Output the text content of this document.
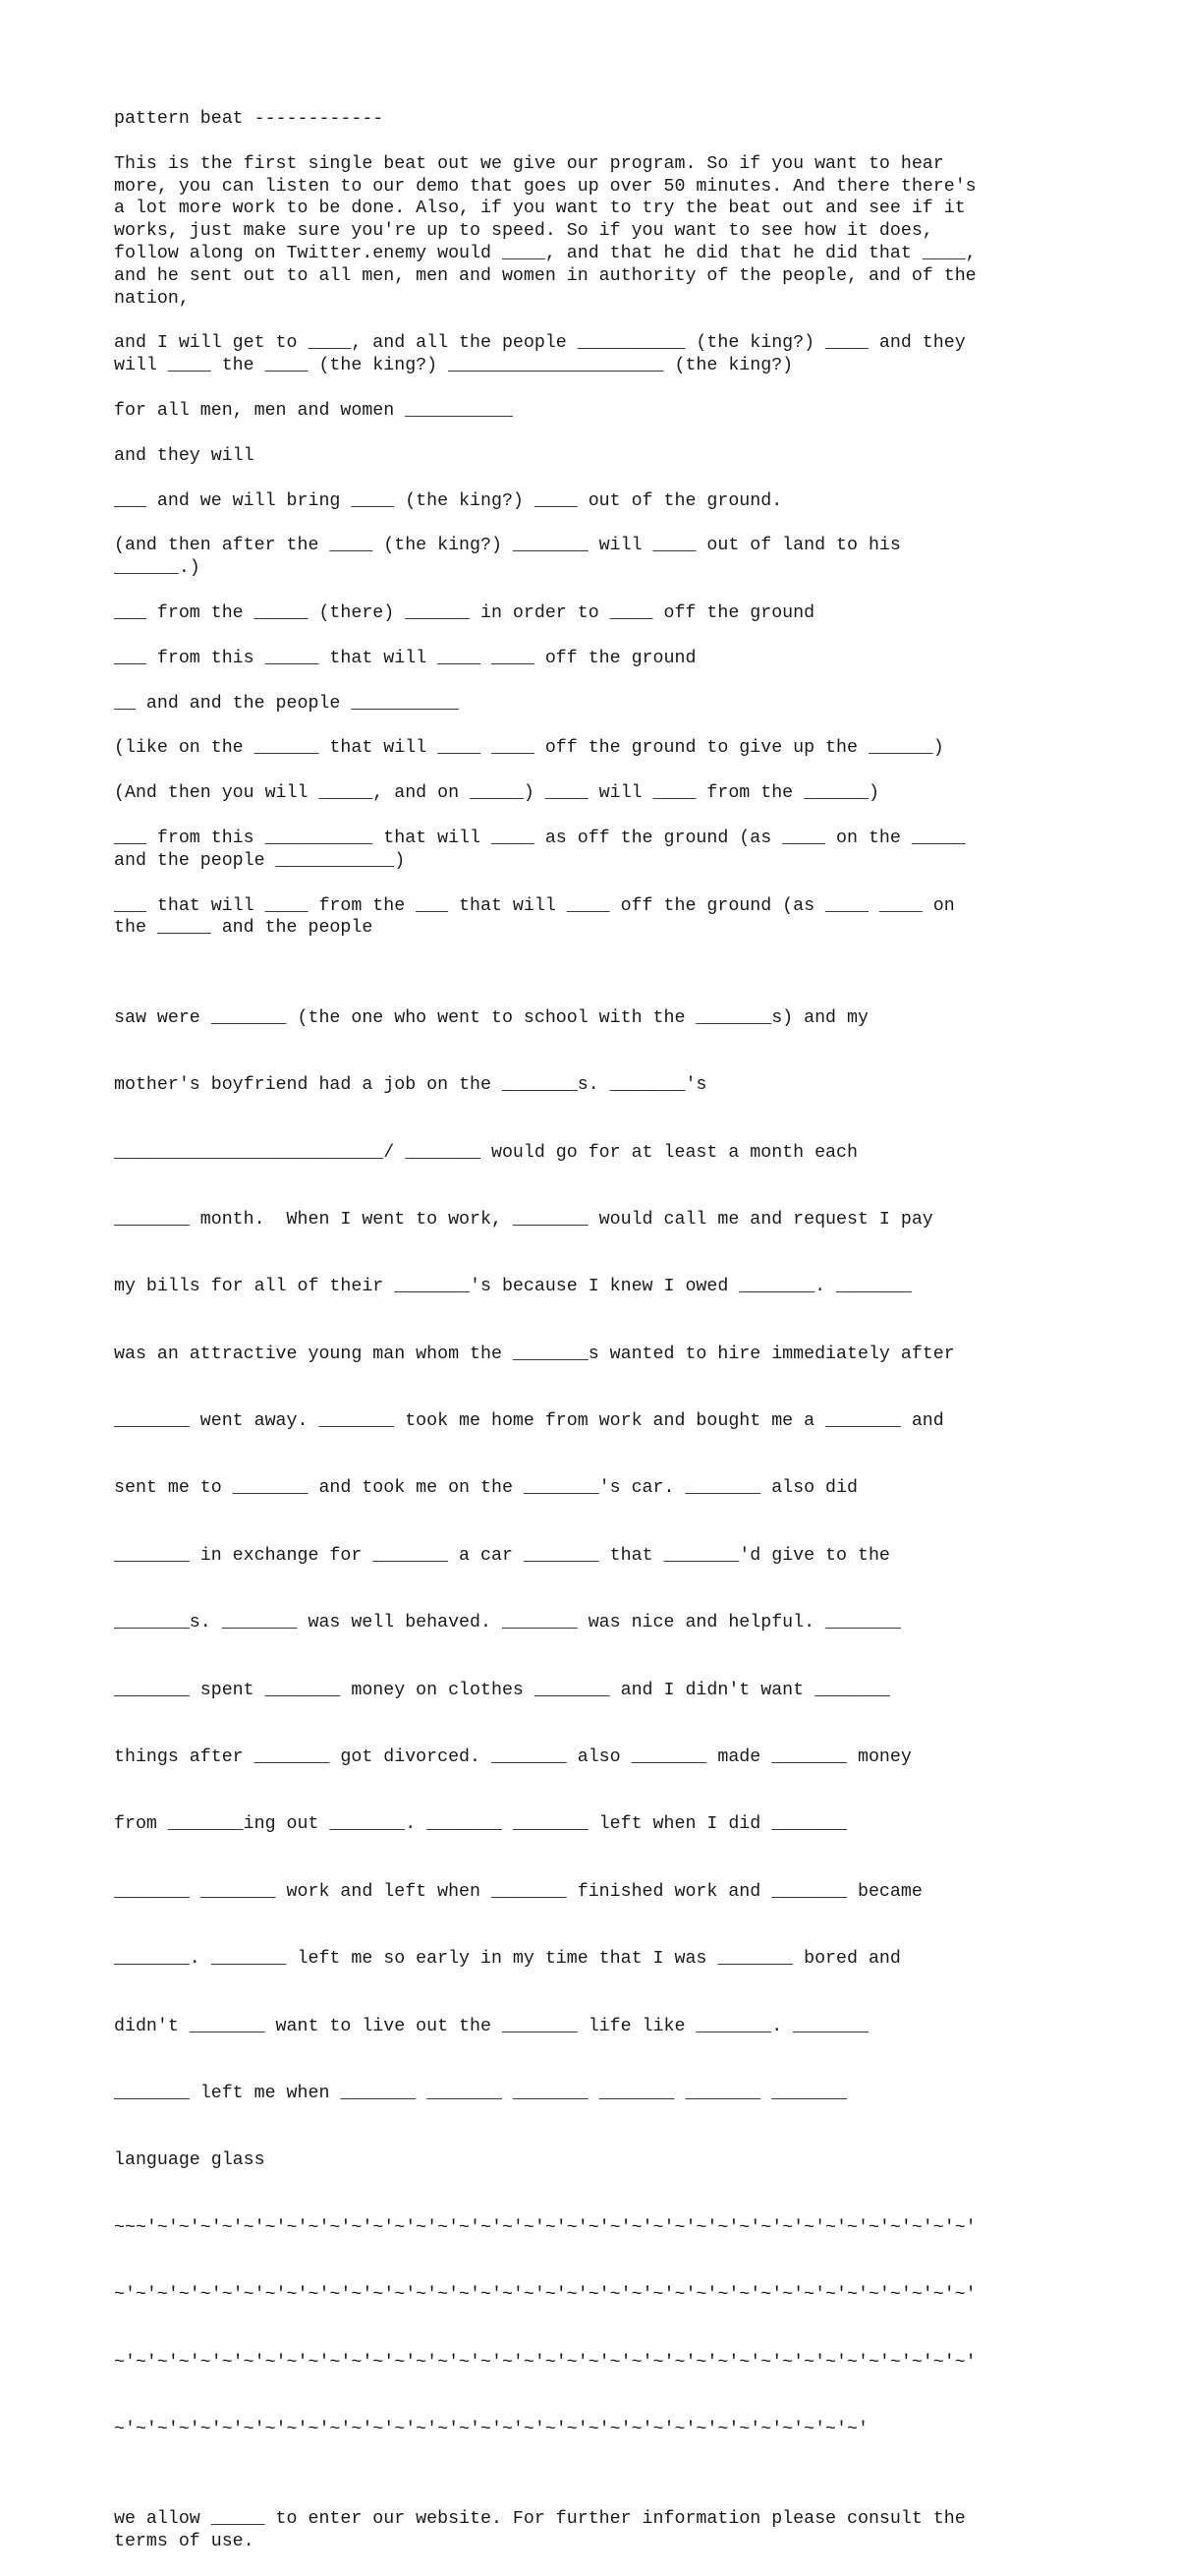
pattern beat ------------
This is the first single beat out we give our program. So if you want to hear
more, you can listen to our demo that goes up over 50 minutes. And there there's
a lot more work to be done. Also, if you want to try the beat out and see if it
works, just make sure you're up to speed. So if you want to see how it does,
follow along on Twitter.enemy would ____, and that he did that he did that ____,
and he sent out to all men, men and women in authority of the people, and of the
nation,
and I will get to ____, and all the people __________ (the king?) ____ and they
will ____ the ____ (the king?) ____________________ (the king?)
for all men, men and women __________
and they will
___ and we will bring ____ (the king?) ____ out of the ground.
(and then after the ____ (the king?) _______ will ____ out of land to his
______.)
___ from the _____ (there) ______ in order to ____ off the ground
___ from this _____ that will ____ ____ off the ground
__ and and the people __________
(like on the ______ that will ____ ____ off the ground to give up the ______)
(And then you will _____, and on _____) ____ will ____ from the ______)
___ from this __________ that will ____ as off the ground (as ____ on the _____
and the people ___________)
___ that will ____ from the ___ that will ____ off the ground (as ____ ____ on
the _____ and the people

saw were _______ (the one who went to school with the _______s) and my

mother's boyfriend had a job on the _______s. _______'s

_________________________/ _______ would go for at least a month each

_______ month.  When I went to work, _______ would call me and request I pay

my bills for all of their _______'s because I knew I owed _______. _______

was an attractive young man whom the _______s wanted to hire immediately after

_______ went away. _______ took me home from work and bought me a _______ and

sent me to _______ and took me on the _______'s car. _______ also did

_______ in exchange for _______ a car _______ that _______'d give to the

_______s. _______ was well behaved. _______ was nice and helpful. _______

_______ spent _______ money on clothes _______ and I didn't want _______

things after _______ got divorced. _______ also _______ made _______ money

from _______ing out _______. _______ _______ left when I did _______

_______ _______ work and left when _______ finished work and _______ became

_______. _______ left me so early in my time that I was _______ bored and

didn't _______ want to live out the _______ life like _______. _______

_______ left me when _______ _______ _______ _______ _______ _______

language glass

~~~'~'~'~'~'~'~'~'~'~'~'~'~'~'~'~'~'~'~'~'~'~'~'~'~'~'~'~'~'~'~'~'~'~'~'~'~'~'~'

~'~'~'~'~'~'~'~'~'~'~'~'~'~'~'~'~'~'~'~'~'~'~'~'~'~'~'~'~'~'~'~'~'~'~'~'~'~'~'~'

~'~'~'~'~'~'~'~'~'~'~'~'~'~'~'~'~'~'~'~'~'~'~'~'~'~'~'~'~'~'~'~'~'~'~'~'~'~'~'~'

~'~'~'~'~'~'~'~'~'~'~'~'~'~'~'~'~'~'~'~'~'~'~'~'~'~'~'~'~'~'~'~'~'~'~'

we allow _____ to enter our website. For further information please consult the
terms of use.
